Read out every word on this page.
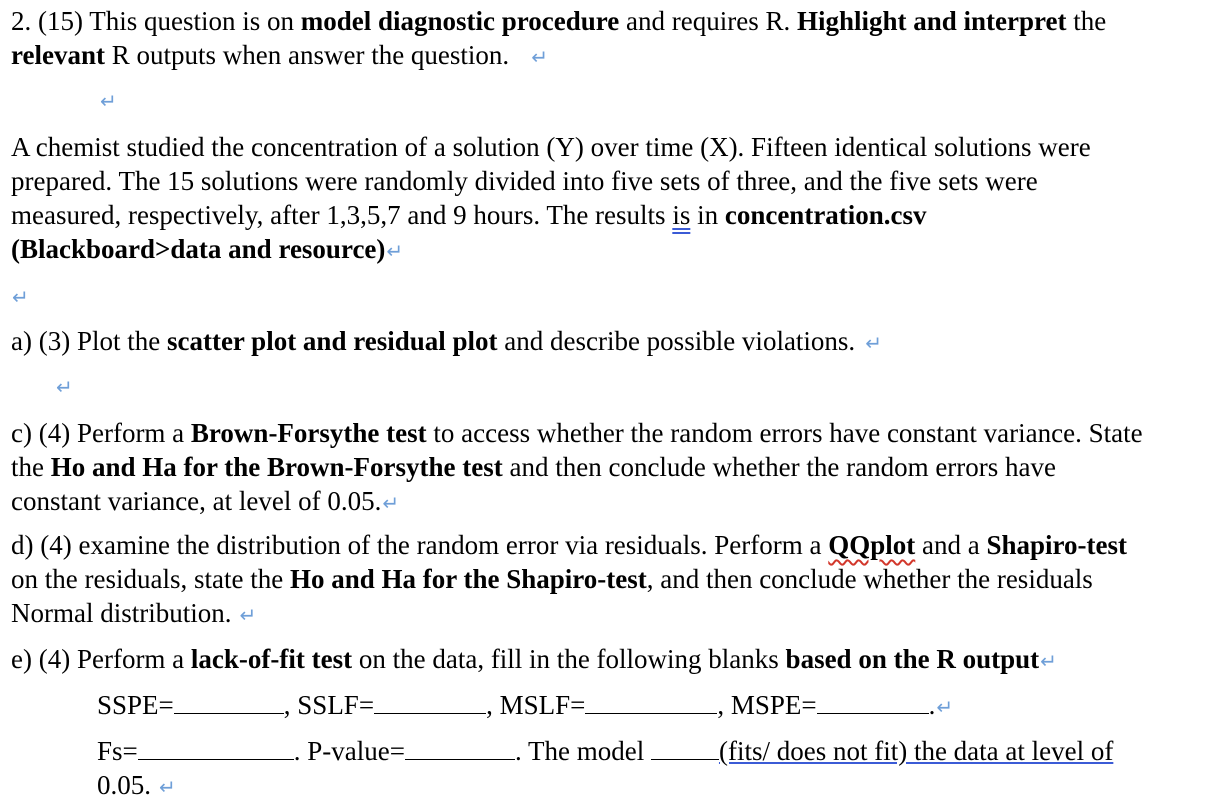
2. (15) This question is on model diagnostic procedure and requires R. Highlight and interpret the
relevant R outputs when answer the question. ↵
↵
A chemist studied the concentration of a solution (Y) over time (X). Fifteen identical solutions were
prepared. The 15 solutions were randomly divided into five sets of three, and the five sets were
measured, respectively, after 1,3,5,7 and 9 hours. The results is in concentration.csv
(Blackboard>data and resource)↵
↵
a) (3) Plot the scatter plot and residual plot and describe possible violations. ↵
↵
c) (4) Perform a Brown-Forsythe test to access whether the random errors have constant variance. State
the Ho and Ha for the Brown-Forsythe test and then conclude whether the random errors have
constant variance, at level of 0.05.↵
d) (4) examine the distribution of the random error via residuals. Perform a QQplot and a Shapiro-test
on the residuals, state the Ho and Ha for the Shapiro-test, and then conclude whether the residuals
Normal distribution. ↵
e) (4) Perform a lack-of-fit test on the data, fill in the following blanks based on the R output↵
SSPE=	, SSLF=	, MSLF=	, MSPE=	.↵
Fs=	. P-value=	. The model	(fits/ does not fit) the data at level of
0.05. ↵
